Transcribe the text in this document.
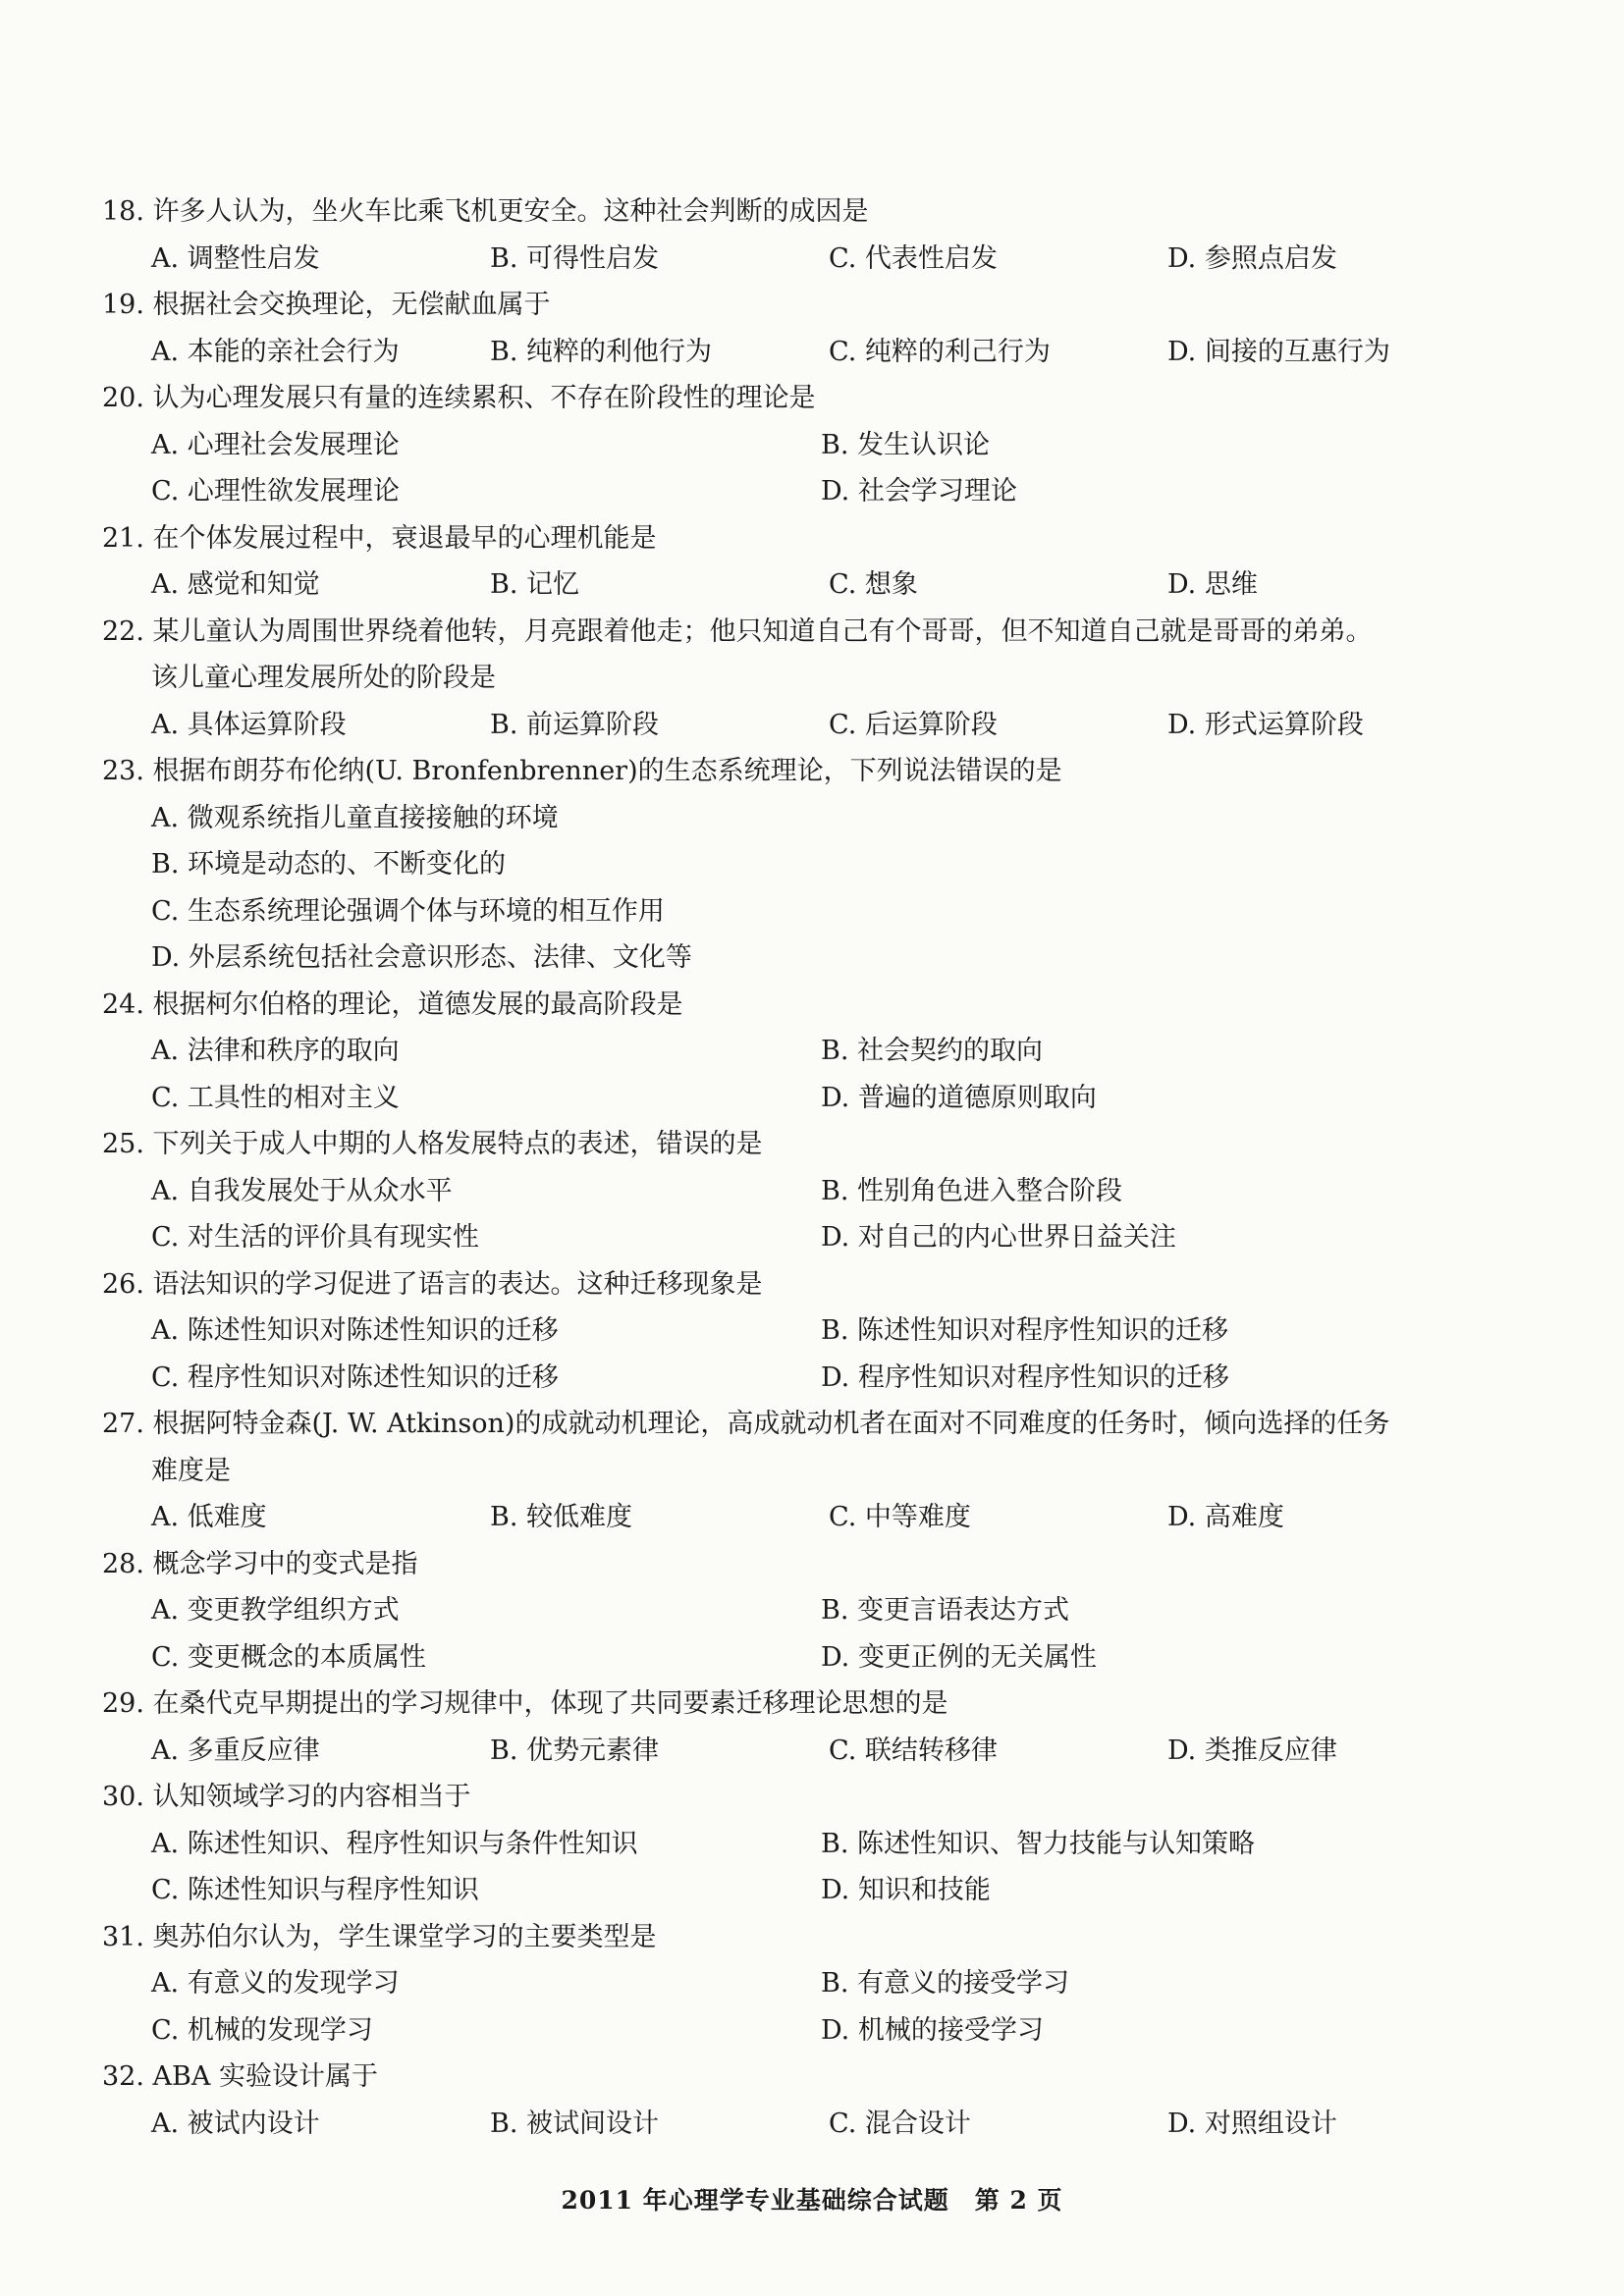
18. 许多人认为，坐火车比乘飞机更安全。这种社会判断的成因是

A. 调整性启发	B. 可得性启发	C. 代表性启发	D. 参照点启发

19. 根据社会交换理论，无偿献血属于

A. 本能的亲社会行为	B. 纯粹的利他行为	C. 纯粹的利己行为	D. 间接的互惠行为

20. 认为心理发展只有量的连续累积、不存在阶段性的理论是

A. 心理社会发展理论	B. 发生认识论
C. 心理性欲发展理论	D. 社会学习理论

21. 在个体发展过程中，衰退最早的心理机能是

A. 感觉和知觉	B. 记忆	C. 想象	D. 思维

22. 某儿童认为周围世界绕着他转，月亮跟着他走；他只知道自己有个哥哥，但不知道自己就是哥哥的弟弟。

该儿童心理发展所处的阶段是

A. 具体运算阶段	B. 前运算阶段	C. 后运算阶段	D. 形式运算阶段

23. 根据布朗芬布伦纳(U. Bronfenbrenner)的生态系统理论，下列说法错误的是

A. 微观系统指儿童直接接触的环境
B. 环境是动态的、不断变化的
C. 生态系统理论强调个体与环境的相互作用
D. 外层系统包括社会意识形态、法律、文化等

24. 根据柯尔伯格的理论，道德发展的最高阶段是

A. 法律和秩序的取向	B. 社会契约的取向
C. 工具性的相对主义	D. 普遍的道德原则取向

25. 下列关于成人中期的人格发展特点的表述，错误的是

A. 自我发展处于从众水平	B. 性别角色进入整合阶段
C. 对生活的评价具有现实性	D. 对自己的内心世界日益关注

26. 语法知识的学习促进了语言的表达。这种迁移现象是

A. 陈述性知识对陈述性知识的迁移	B. 陈述性知识对程序性知识的迁移
C. 程序性知识对陈述性知识的迁移	D. 程序性知识对程序性知识的迁移

27. 根据阿特金森(J. W. Atkinson)的成就动机理论，高成就动机者在面对不同难度的任务时，倾向选择的任务

难度是

A. 低难度	B. 较低难度	C. 中等难度	D. 高难度

28. 概念学习中的变式是指

A. 变更教学组织方式	B. 变更言语表达方式
C. 变更概念的本质属性	D. 变更正例的无关属性

29. 在桑代克早期提出的学习规律中，体现了共同要素迁移理论思想的是

A. 多重反应律	B. 优势元素律	C. 联结转移律	D. 类推反应律

30. 认知领域学习的内容相当于

A. 陈述性知识、程序性知识与条件性知识	B. 陈述性知识、智力技能与认知策略
C. 陈述性知识与程序性知识	D. 知识和技能

31. 奥苏伯尔认为，学生课堂学习的主要类型是

A. 有意义的发现学习	B. 有意义的接受学习
C. 机械的发现学习	D. 机械的接受学习

32. ABA 实验设计属于

A. 被试内设计	B. 被试间设计	C. 混合设计	D. 对照组设计
2011 年心理学专业基础综合试题　第 2 页
